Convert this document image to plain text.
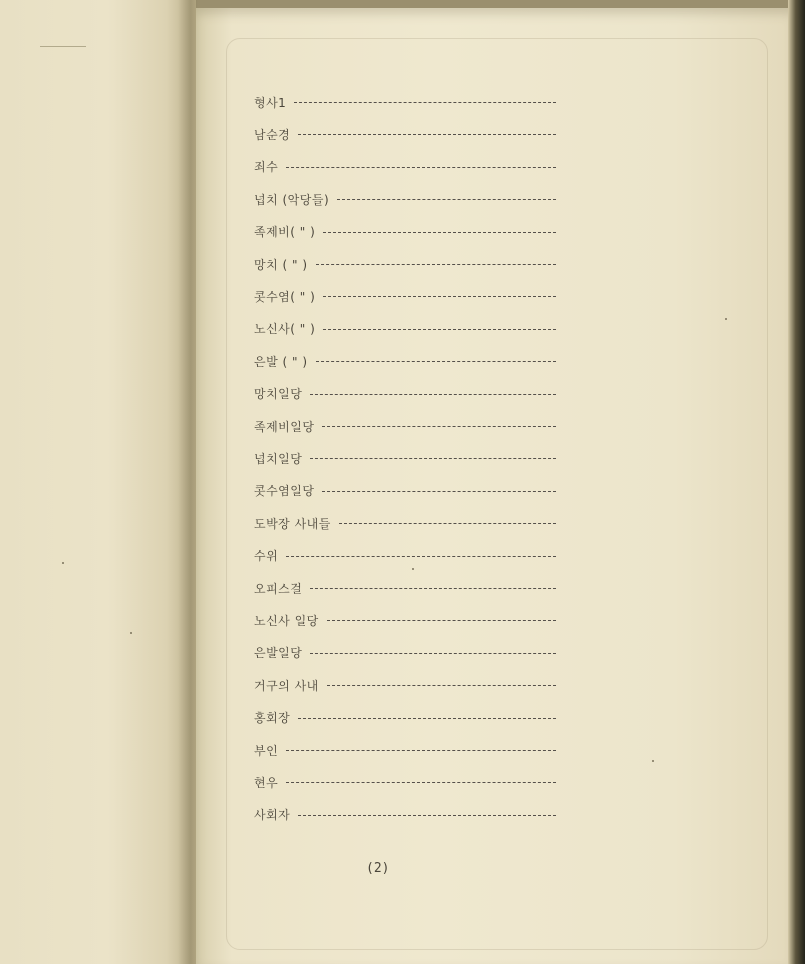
형사1
남순경
죄수
넙치 (악당들)
족제비( " )
망치 ( " )
콧수염( " )
노신사( " )
은발 ( " )
망치일당
족제비일당
넙치일당
콧수염일당
도박장 사내들
수위
오피스걸
노신사 일당
은발일당
거구의 사내
홍회장
부인
현우
사회자
(2)
